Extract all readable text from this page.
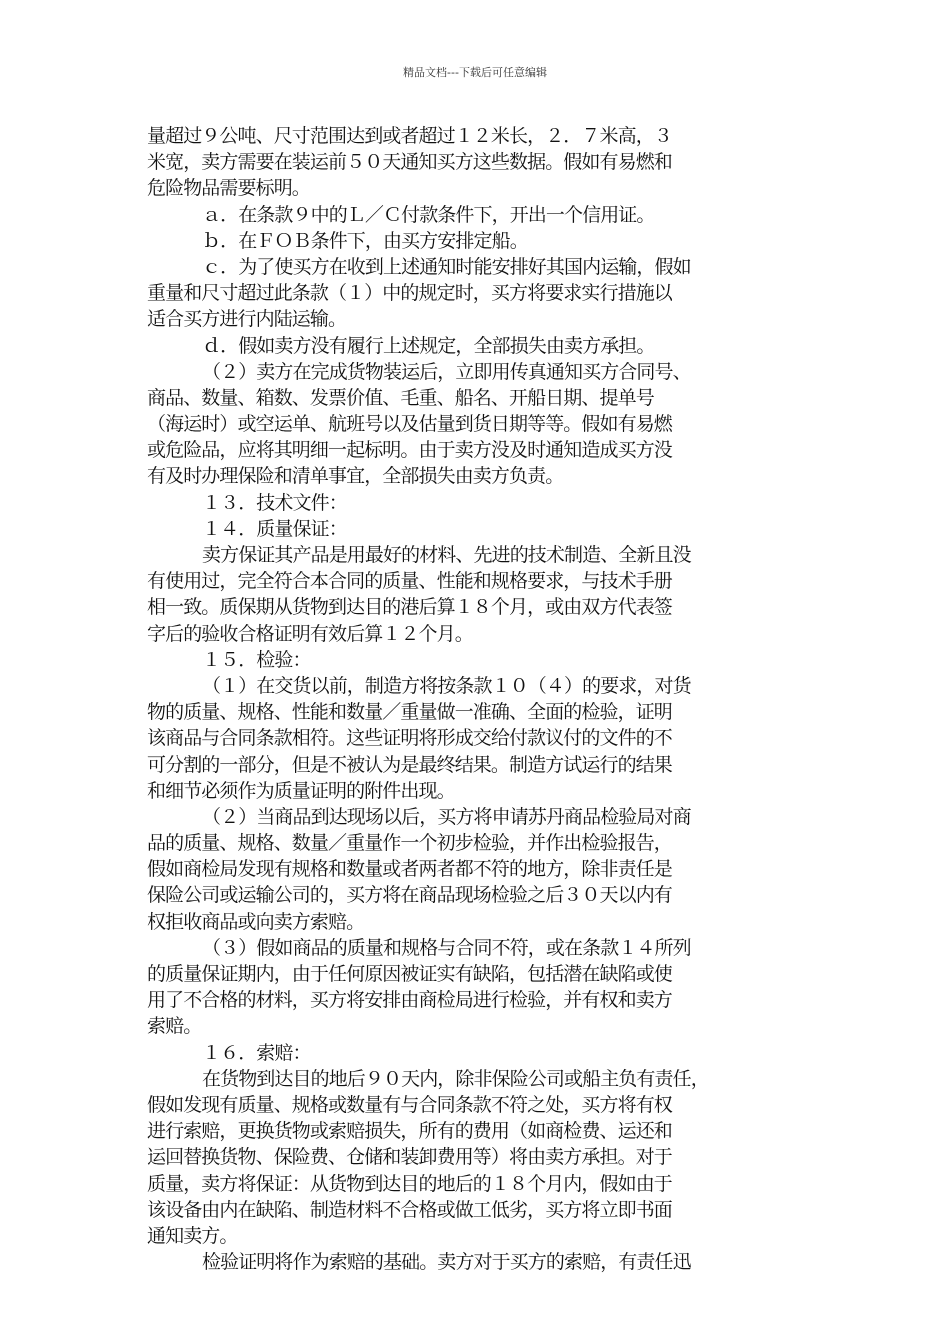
精品文档---下载后可任意编辑
量超过９公吨、尺寸范围达到或者超过１２米长，２．７米高，３
米宽，卖方需要在装运前５０天通知买方这些数据。假如有易燃和
危险物品需要标明。
ａ．在条款９中的Ｌ／Ｃ付款条件下，开出一个信用证。
ｂ．在ＦＯＢ条件下，由买方安排定船。
ｃ．为了使买方在收到上述通知时能安排好其国内运输，假如
重量和尺寸超过此条款（１）中的规定时，买方将要求实行措施以
适合买方进行内陆运输。
ｄ．假如卖方没有履行上述规定，全部损失由卖方承担。
（２）卖方在完成货物装运后，立即用传真通知买方合同号、
商品、数量、箱数、发票价值、毛重、船名、开船日期、提单号
（海运时）或空运单、航班号以及估量到货日期等等。假如有易燃
或危险品，应将其明细一起标明。由于卖方没及时通知造成买方没
有及时办理保险和清单事宜，全部损失由卖方负责。
１３．技术文件：
１４．质量保证：
卖方保证其产品是用最好的材料、先进的技术制造、全新且没
有使用过，完全符合本合同的质量、性能和规格要求，与技术手册
相一致。质保期从货物到达目的港后算１８个月，或由双方代表签
字后的验收合格证明有效后算１２个月。
１５．检验：
（１）在交货以前，制造方将按条款１０（４）的要求，对货
物的质量、规格、性能和数量／重量做一准确、全面的检验，证明
该商品与合同条款相符。这些证明将形成交给付款议付的文件的不
可分割的一部分，但是不被认为是最终结果。制造方试运行的结果
和细节必须作为质量证明的附件出现。
（２）当商品到达现场以后，买方将申请苏丹商品检验局对商
品的质量、规格、数量／重量作一个初步检验，并作出检验报告，
假如商检局发现有规格和数量或者两者都不符的地方，除非责任是
保险公司或运输公司的，买方将在商品现场检验之后３０天以内有
权拒收商品或向卖方索赔。
（３）假如商品的质量和规格与合同不符，或在条款１４所列
的质量保证期内，由于任何原因被证实有缺陷，包括潜在缺陷或使
用了不合格的材料，买方将安排由商检局进行检验，并有权和卖方
索赔。
１６．索赔：
在货物到达目的地后９０天内，除非保险公司或船主负有责任，
假如发现有质量、规格或数量有与合同条款不符之处，买方将有权
进行索赔，更换货物或索赔损失，所有的费用（如商检费、运还和
运回替换货物、保险费、仓储和装卸费用等）将由卖方承担。对于
质量，卖方将保证：从货物到达目的地后的１８个月内，假如由于
该设备由内在缺陷、制造材料不合格或做工低劣，买方将立即书面
通知卖方。
检验证明将作为索赔的基础。卖方对于买方的索赔，有责任迅
